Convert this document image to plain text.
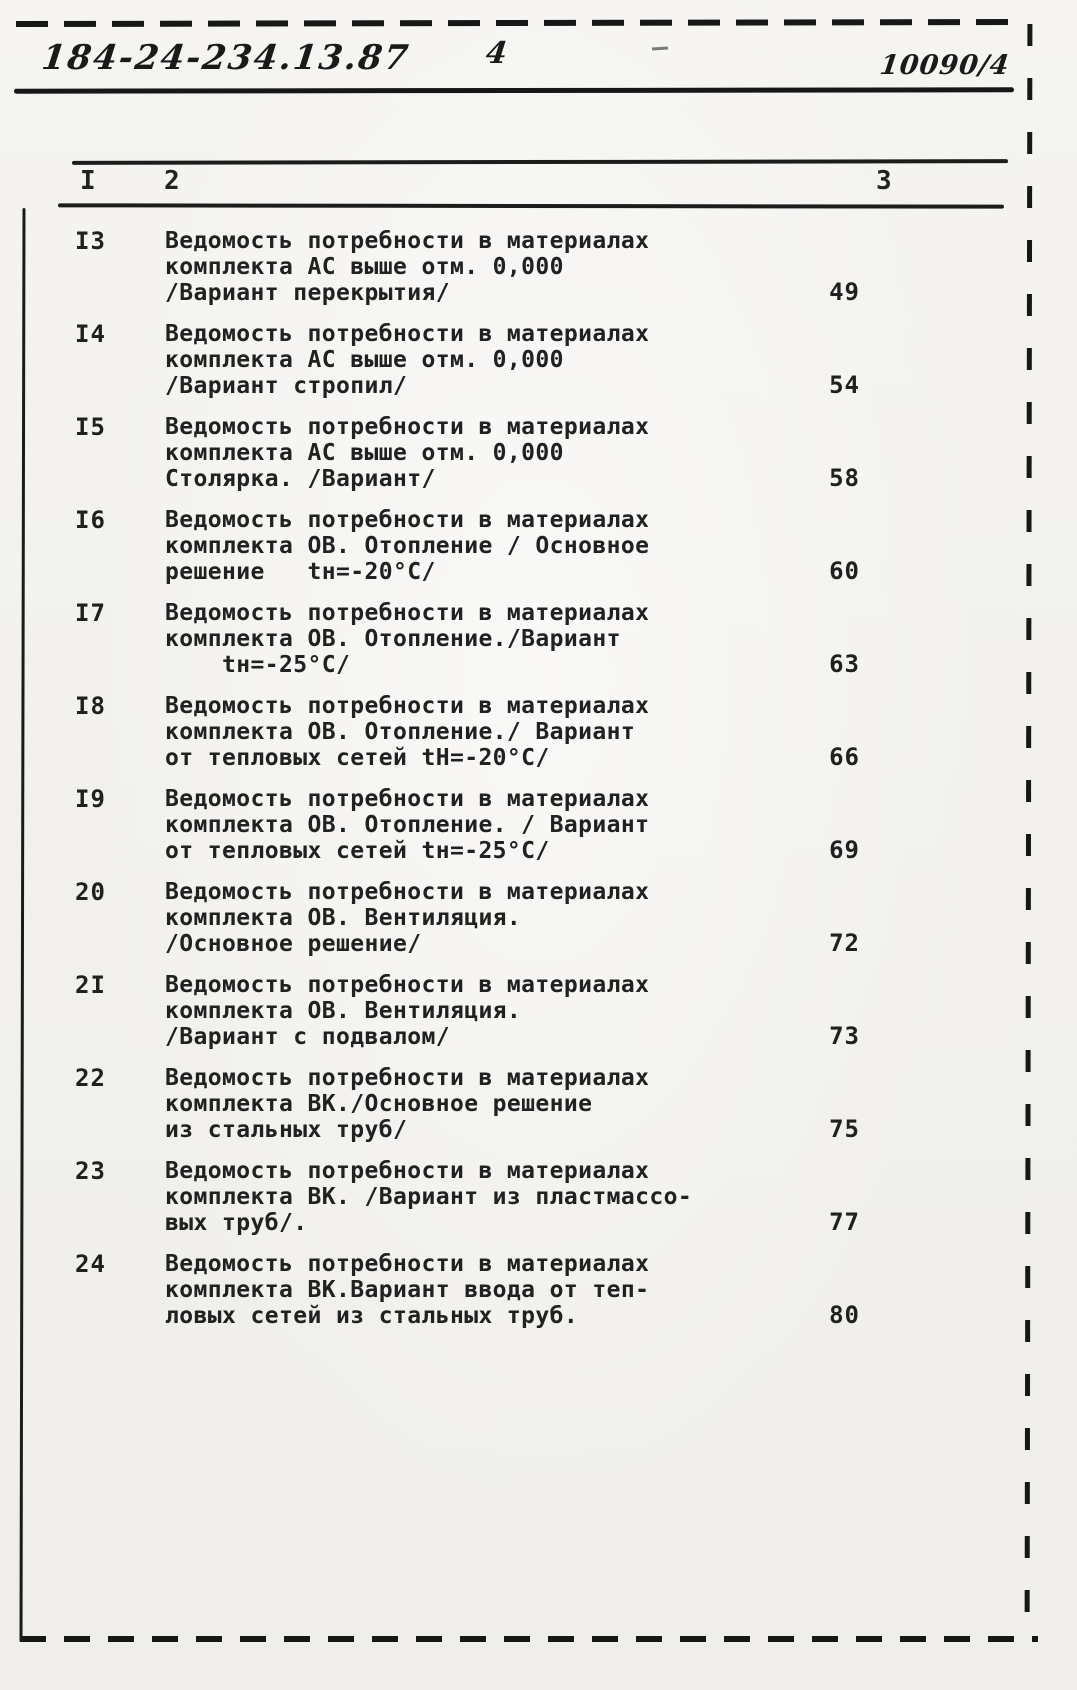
184-24-234.13.87 4	10090/4
I	2	3
I3	Ведомость потребности в материалах
комплекта АС выше отм. 0,000
/Вариант перекрытия/	49
I4	Ведомость потребности в материалах
комплекта АС выше отм. 0,000
/Вариант стропил/	54
I5	Ведомость потребности в материалах
комплекта АС выше отм. 0,000
Столярка. /Вариант/	58
I6	Ведомость потребности в материалах
комплекта ОВ. Отопление / Основное
решение   tн=-20°С/	60
I7	Ведомость потребности в материалах
комплекта ОВ. Отопление./Вариант
tн=-25°С/	63
I8	Ведомость потребности в материалах
комплекта ОВ. Отопление./ Вариант
от тепловых сетей tН=-20°С/	66
I9	Ведомость потребности в материалах
комплекта ОВ. Отопление. / Вариант
от тепловых сетей tн=-25°С/	69
20	Ведомость потребности в материалах
комплекта ОВ. Вентиляция.
/Основное решение/	72
2I	Ведомость потребности в материалах
комплекта ОВ. Вентиляция.
/Вариант с подвалом/	73
22	Ведомость потребности в материалах
комплекта ВК./Основное решение
из стальных труб/	75
23	Ведомость потребности в материалах
комплекта ВК. /Вариант из пластмассо-
вых труб/.	77
24	Ведомость потребности в материалах
комплекта ВК.Вариант ввода от теп-
ловых сетей из стальных труб.	80
